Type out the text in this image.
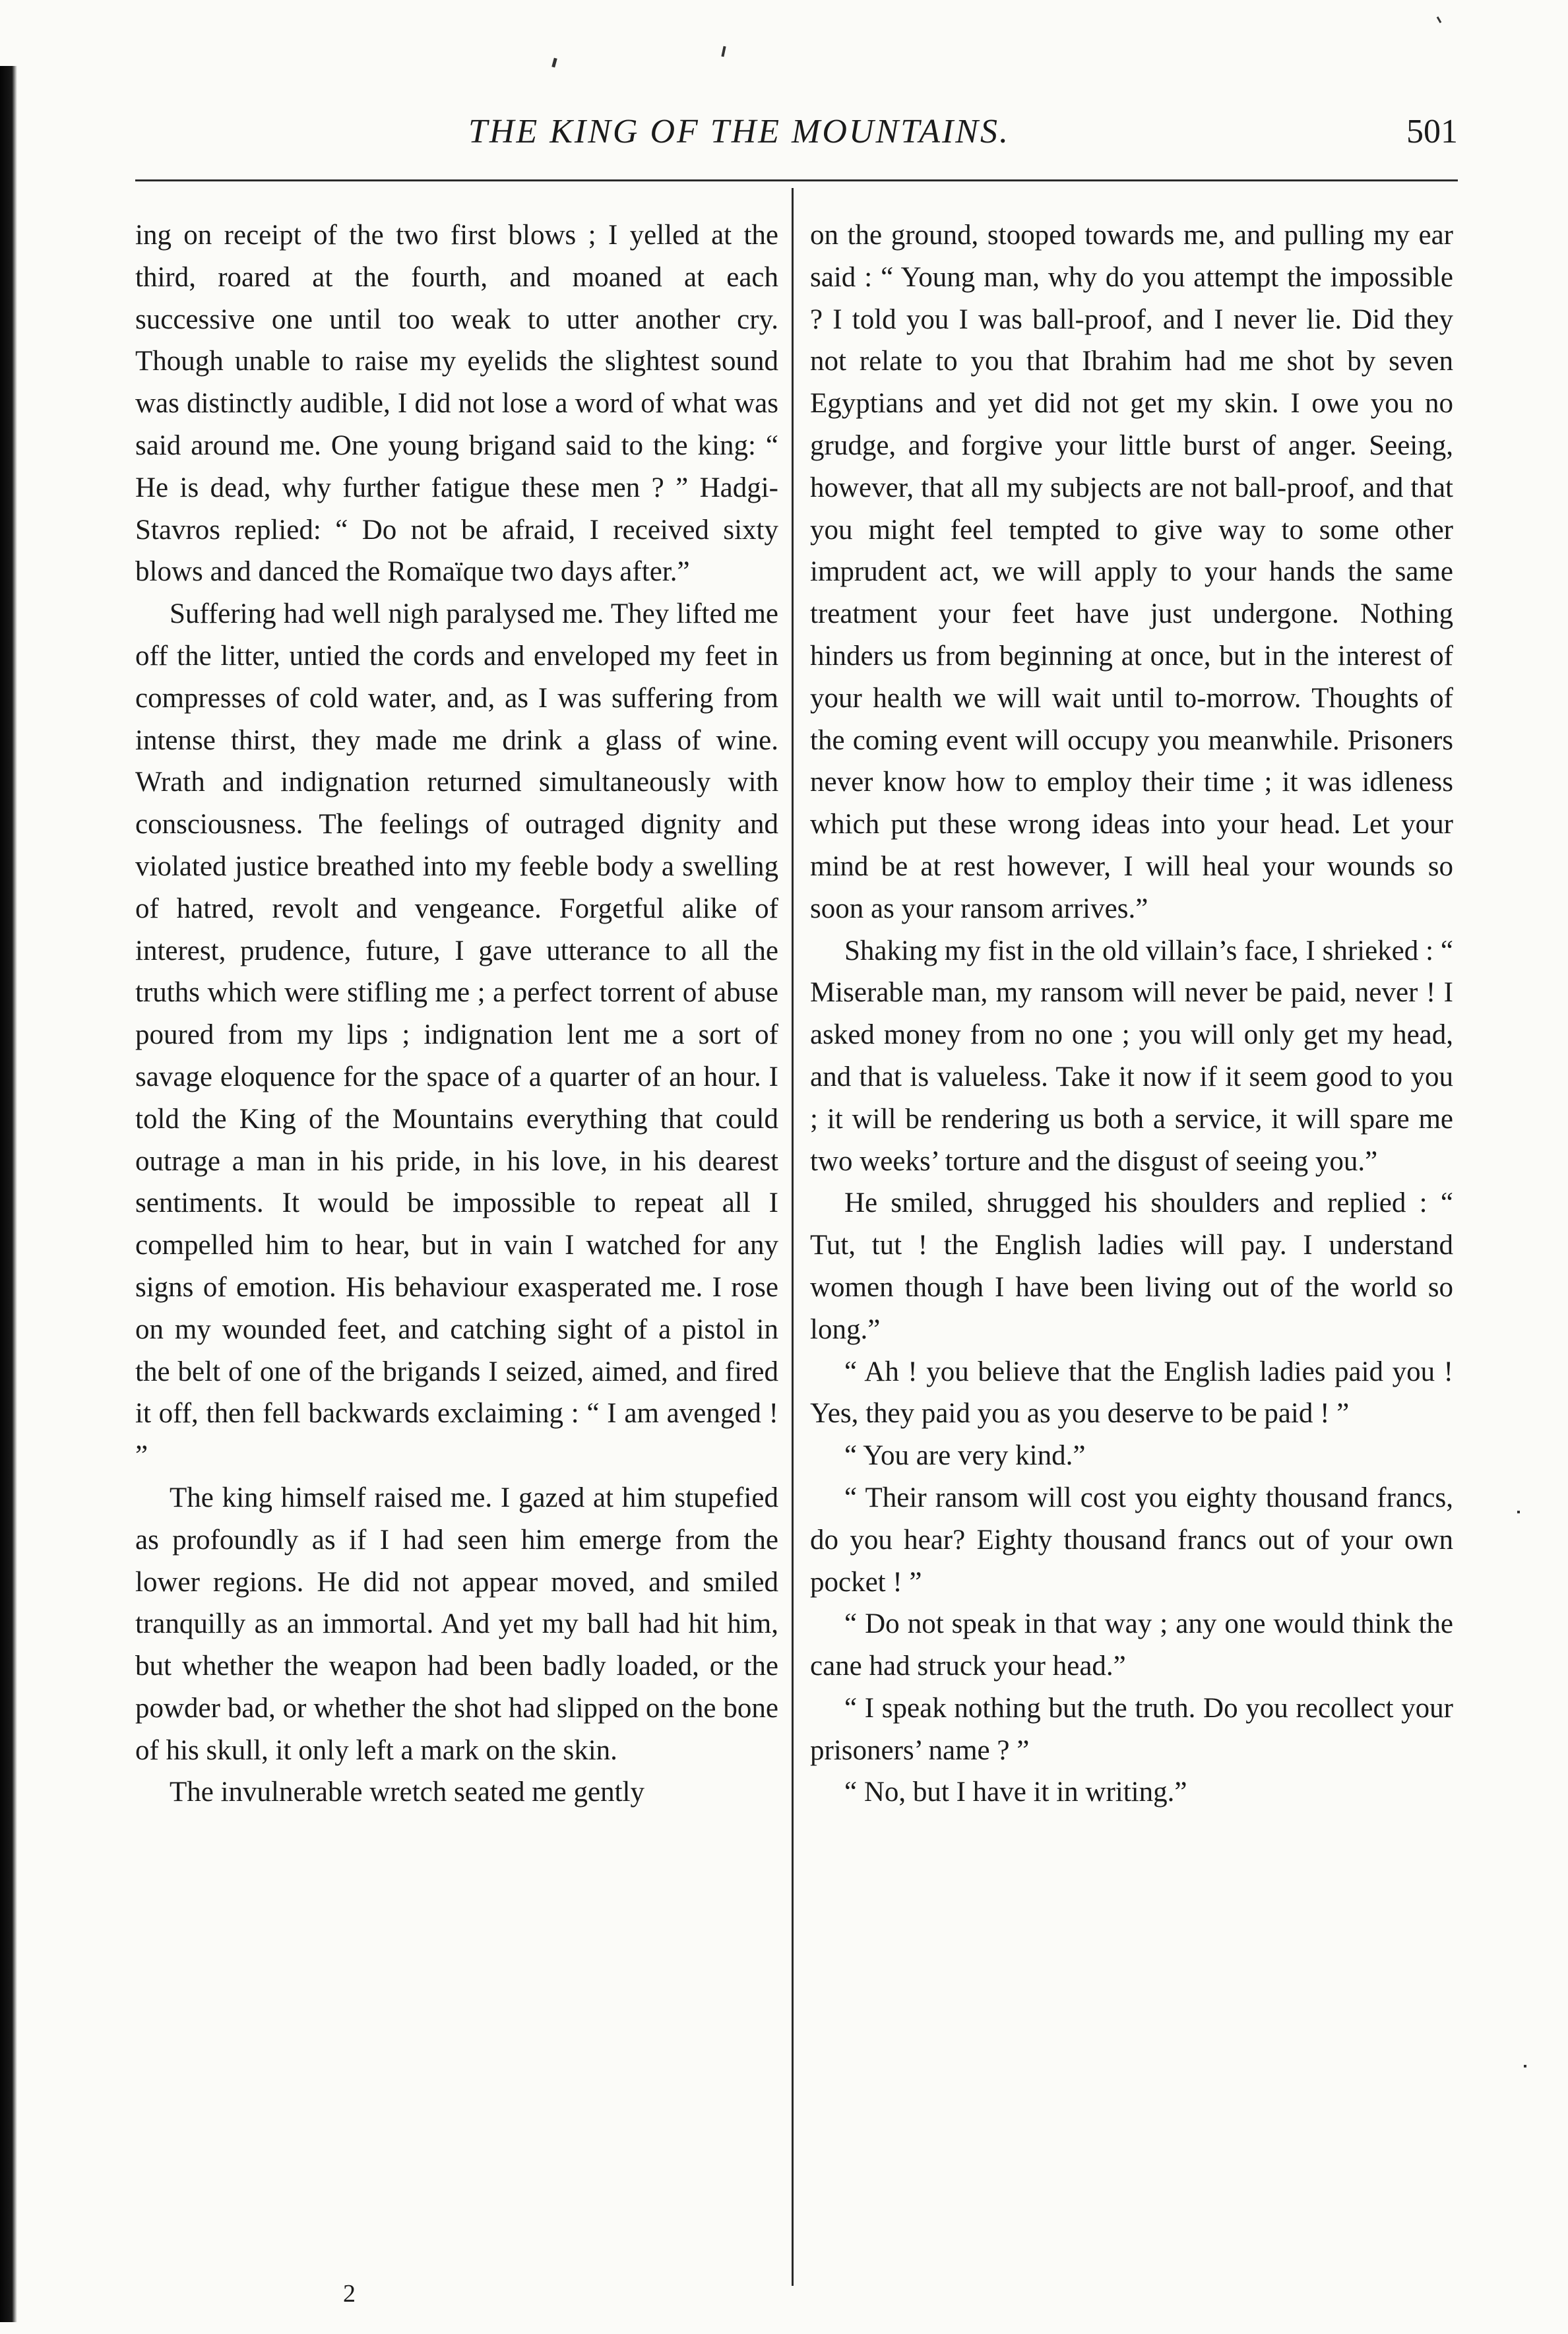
THE KING OF THE MOUNTAINS.	501

ing on receipt of the two first blows ; I yelled at the third, roared at the fourth, and moaned at each successive one until too weak to utter another cry. Though unable to raise my eyelids the slightest sound was distinctly audible, I did not lose a word of what was said around me. One young brigand said to the king: “ He is dead, why further fatigue these men ? ” Hadgi-Stavros replied: “ Do not be afraid, I received sixty blows and danced the Romaïque two days after.”

Suffering had well nigh paralysed me. They lifted me off the litter, untied the cords and enveloped my feet in compresses of cold water, and, as I was suffering from intense thirst, they made me drink a glass of wine. Wrath and indignation returned simultaneously with consciousness. The feelings of outraged dignity and violated justice breathed into my feeble body a swelling of hatred, revolt and vengeance. Forgetful alike of interest, prudence, future, I gave utterance to all the truths which were stifling me ; a perfect torrent of abuse poured from my lips ; indignation lent me a sort of savage eloquence for the space of a quarter of an hour. I told the King of the Mountains everything that could outrage a man in his pride, in his love, in his dearest sentiments. It would be impossible to repeat all I compelled him to hear, but in vain I watched for any signs of emotion. His behaviour exasperated me. I rose on my wounded feet, and catching sight of a pistol in the belt of one of the brigands I seized, aimed, and fired it off, then fell backwards exclaiming : “ I am avenged ! ”

The king himself raised me. I gazed at him stupefied as profoundly as if I had seen him emerge from the lower regions. He did not appear moved, and smiled tranquilly as an immortal. And yet my ball had hit him, but whether the weapon had been badly loaded, or the powder bad, or whether the shot had slipped on the bone of his skull, it only left a mark on the skin.

The invulnerable wretch seated me gently

on the ground, stooped towards me, and pulling my ear said : “ Young man, why do you attempt the impossible ? I told you I was ball-proof, and I never lie. Did they not relate to you that Ibrahim had me shot by seven Egyptians and yet did not get my skin. I owe you no grudge, and forgive your little burst of anger. Seeing, however, that all my subjects are not ball-proof, and that you might feel tempted to give way to some other imprudent act, we will apply to your hands the same treatment your feet have just undergone. Nothing hinders us from beginning at once, but in the interest of your health we will wait until to-morrow. Thoughts of the coming event will occupy you meanwhile. Prisoners never know how to employ their time ; it was idleness which put these wrong ideas into your head. Let your mind be at rest however, I will heal your wounds so soon as your ransom arrives.”

Shaking my fist in the old villain’s face, I shrieked : “ Miserable man, my ransom will never be paid, never ! I asked money from no one ; you will only get my head, and that is valueless. Take it now if it seem good to you ; it will be rendering us both a service, it will spare me two weeks’ torture and the disgust of seeing you.”

He smiled, shrugged his shoulders and replied : “ Tut, tut ! the English ladies will pay. I understand women though I have been living out of the world so long.”

“ Ah ! you believe that the English ladies paid you ! Yes, they paid you as you deserve to be paid ! ”

“ You are very kind.”

“ Their ransom will cost you eighty thousand francs, do you hear? Eighty thousand francs out of your own pocket ! ”

“ Do not speak in that way ; any one would think the cane had struck your head.”

“ I speak nothing but the truth. Do you recollect your prisoners’ name ? ”

“ No, but I have it in writing.”

2
